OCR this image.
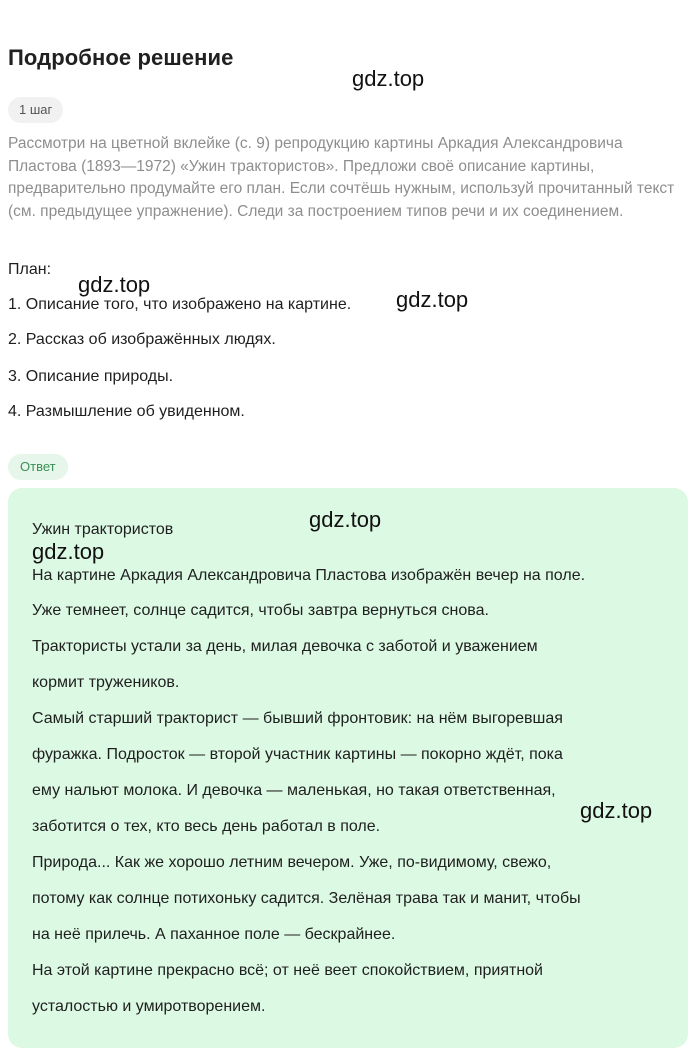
Подробное решение
1 шаг
Рассмотри на цветной вклейке (с. 9) репродукцию картины Аркадия Александровича Пластова (1893—1972) «Ужин трактористов». Предложи своё описание картины, предварительно продумайте его план. Если сочтёшь нужным, используй прочитанный текст (см. предыдущее упражнение). Следи за построением типов речи и их соединением.
План:
1. Описание того, что изображено на картине.
2. Рассказ об изображённых людях.
3. Описание природы.
4. Размышление об увиденном.
Ответ
Ужин трактористов
На картине Аркадия Александровича Пластова изображён вечер на поле.
Уже темнеет, солнце садится, чтобы завтра вернуться снова.
Трактористы устали за день, милая девочка с заботой и уважением
кормит тружеников.
Самый старший тракторист — бывший фронтовик: на нём выгоревшая
фуражка. Подросток — второй участник картины — покорно ждёт, пока
ему нальют молока. И девочка — маленькая, но такая ответственная,
заботится о тех, кто весь день работал в поле.
Природа... Как же хорошо летним вечером. Уже, по-видимому, свежо,
потому как солнце потихоньку садится. Зелёная трава так и манит, чтобы
на неё прилечь. А паханное поле — бескрайнее.
На этой картине прекрасно всё; от неё веет спокойствием, приятной
усталостью и умиротворением.
gdz.top
gdz.top
gdz.top
gdz.top
gdz.top
gdz.top
